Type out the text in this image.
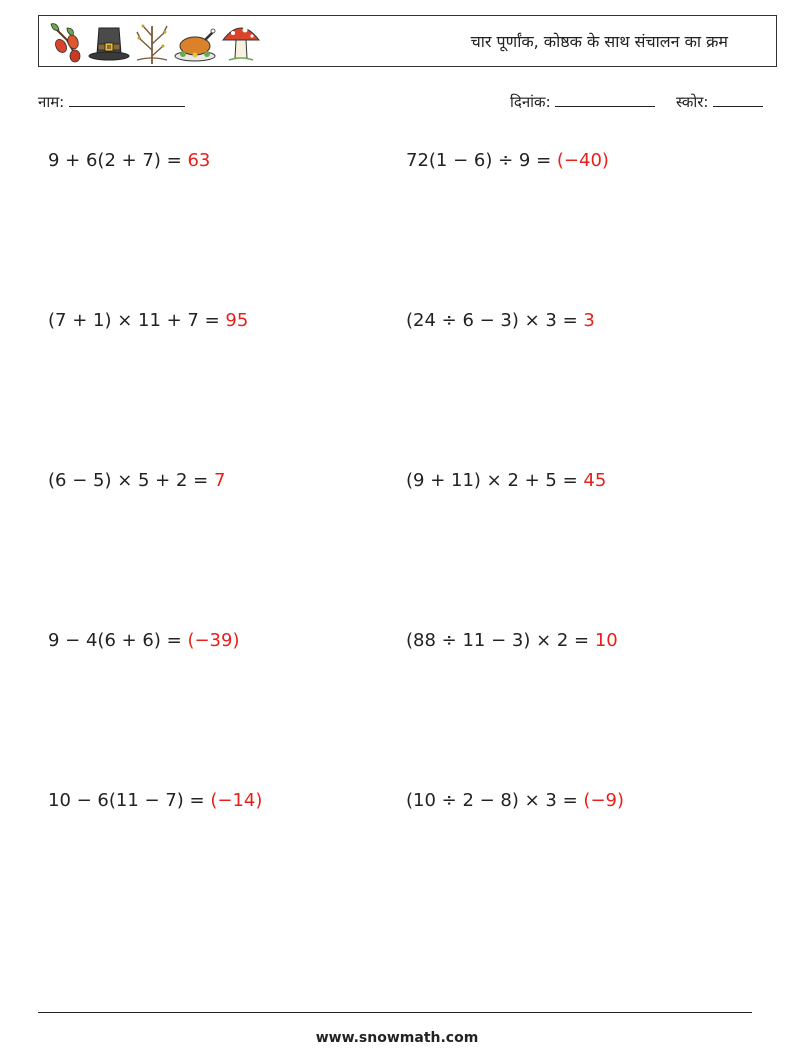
चार पूर्णांक, कोष्ठक के साथ संचालन का क्रम
नाम:	दिनांक:	स्कोर:
9 + 6(2 + 7) = 63	72(1 − 6) ÷ 9 = (−40)
(7 + 1) × 11 + 7 = 95	(24 ÷ 6 − 3) × 3 = 3
(6 − 5) × 5 + 2 = 7	(9 + 11) × 2 + 5 = 45
9 − 4(6 + 6) = (−39)	(88 ÷ 11 − 3) × 2 = 10
10 − 6(11 − 7) = (−14)	(10 ÷ 2 − 8) × 3 = (−9)
www.snowmath.com
